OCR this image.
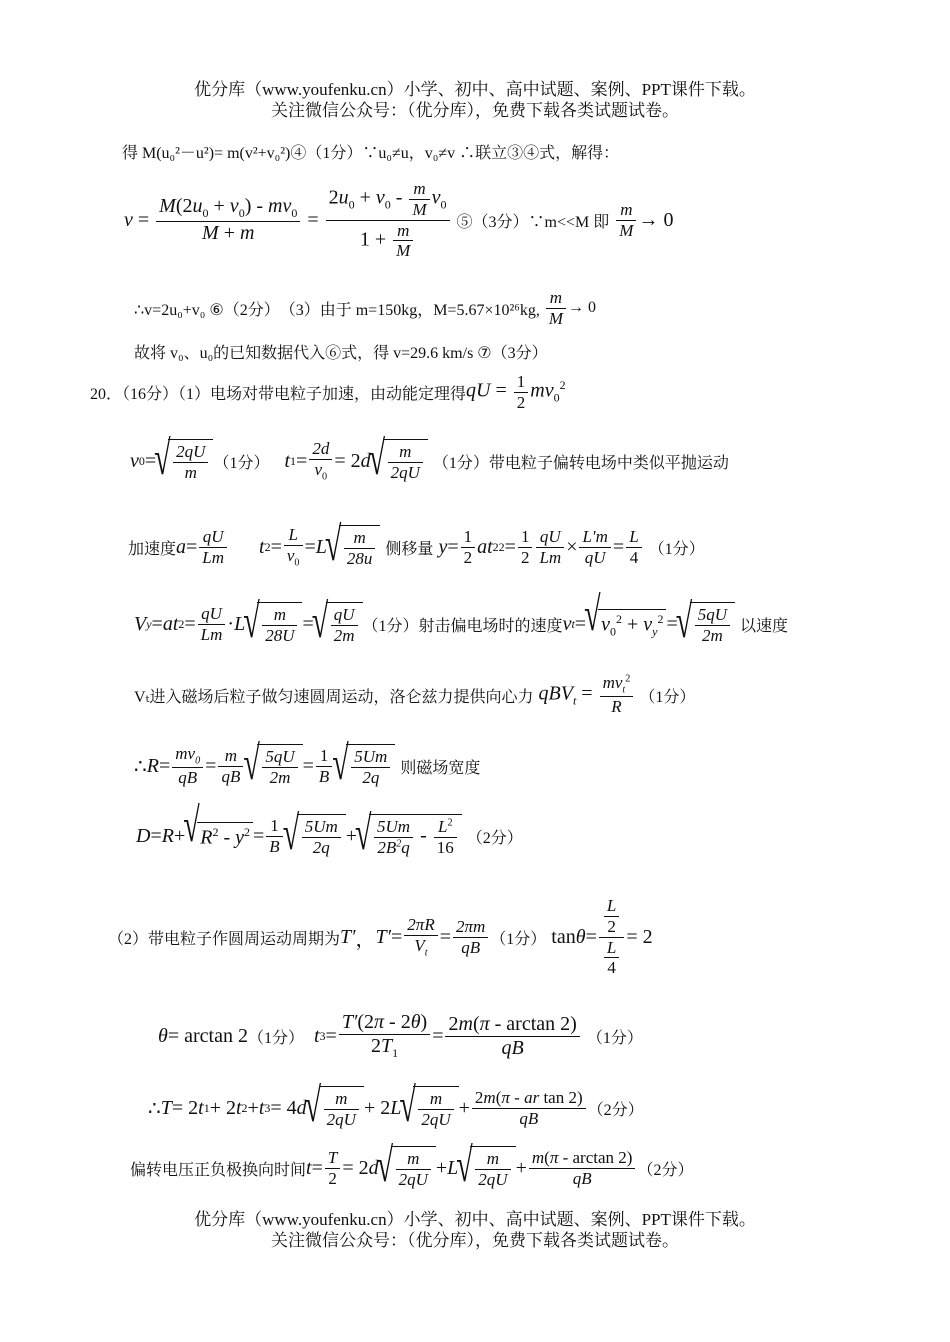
优分库（www.youfenku.cn）小学、初中、高中试题、案例、PPT课件下载。
关注微信公众号：（优分库），免费下载各类试题试卷。
得 M(u₀²－u²)= m(v²+v₀²)④（1分）∵u₀≠u，v₀≠v ∴联立③④式，解得：
$v = \frac{M(2u_0 + v_0) - mv_0}{M + m} = \frac{2u_0 + v_0 - \frac{m}{M} v_0}{1 + \frac{m}{M}}$
⑤（3分）∵m<<M 即
$\frac{m}{M} \to 0$
∴v=2u₀+v₀ ⑥（2分）　（3）由于 m=150kg，M=5.67×10²⁶kg,
$\frac{m}{M} \to 0$
故将 v₀、u₀的已知数据代入⑥式，得 v=29.6 km/s ⑦（3分）
20．（16分）（1）电场对带电粒子加速，由动能定理得 qU = $\frac{1}{2} mv_0^2$
v 0 = √ $\frac{2qU}{m} (1$分）
t $1 = \frac{2d}{v_0} = 2$ d √ $\frac{m}{2qU}$
（1分）带电粒子偏转电场中类似平抛运动
加速度 $a = \frac{qU}{Lm}$
t $2 = \frac{L}{v_0} = L$ √ $\frac{m}{28u}$
侧移量
$y = \frac{1}{2}$ at 2 $2 = \frac{1}{2} \frac{qU}{Lm} \times \frac{L'm}{qU} = \frac{L}{4}$
（1分）
V y = at $2 = \frac{qU}{Lm} \cdot L$ √ $\frac{m}{28U}$ = √ $\frac{qU}{2m} (1$分）射击偏电场时的速度 v t = √ $v_0^2 + v_y^2$ = √ $\frac{5qU}{2m}$
以速度
Vₜ进入磁场后粒子做匀速圆周运动，洛仑兹力提供向心力 $qBV_t = \frac{mv_t^2}{R}$
（1分）
∴ $R = \frac{mv_0}{qB} = \frac{m}{qB}$ √ $\frac{5qU}{2m} = \frac{1}{B}$ √ $\frac{5Um}{2q}$
则磁场宽度
D = R + √ $R^2 - y^2 = \frac{1}{B}$ √ $\frac{5Um}{2q}$ + √ $\frac{5Um}{2B^2q} - \frac{L^2}{16}$
（2分）
（2）带电粒子作圆周运动周期为 T′ ， $T' = \frac{2\pi R}{V_t} = \frac{2\pi m}{qB} (1$分） $\tan \theta = \frac{\frac{L}{2}}{\frac{L}{4}} = 2$
θ = arctan 2 （1分）
t $3 = \frac{T'(2\pi - 2\theta)}{2T_1} = \frac{2m(\pi - \arctan 2)}{qB}$
（1分）
∴ T = 2 t 1 + 2 t 2 + t 3 = 4 d √ $\frac{m}{2qU} + 2$ L √ $\frac{m}{2qU} + \frac{\text{2m(π - ar tan 2)}}{qB} (2$分）
偏转电压正负极换向时间 $t = \frac{T}{2} = 2$ d √ $\frac{m}{2qU} + L$ √ $\frac{m}{2qU} + \frac{m(\pi - \arctan 2)}{qB} (2$分）
优分库（www.youfenku.cn）小学、初中、高中试题、案例、PPT课件下载。
关注微信公众号：（优分库），免费下载各类试题试卷。
